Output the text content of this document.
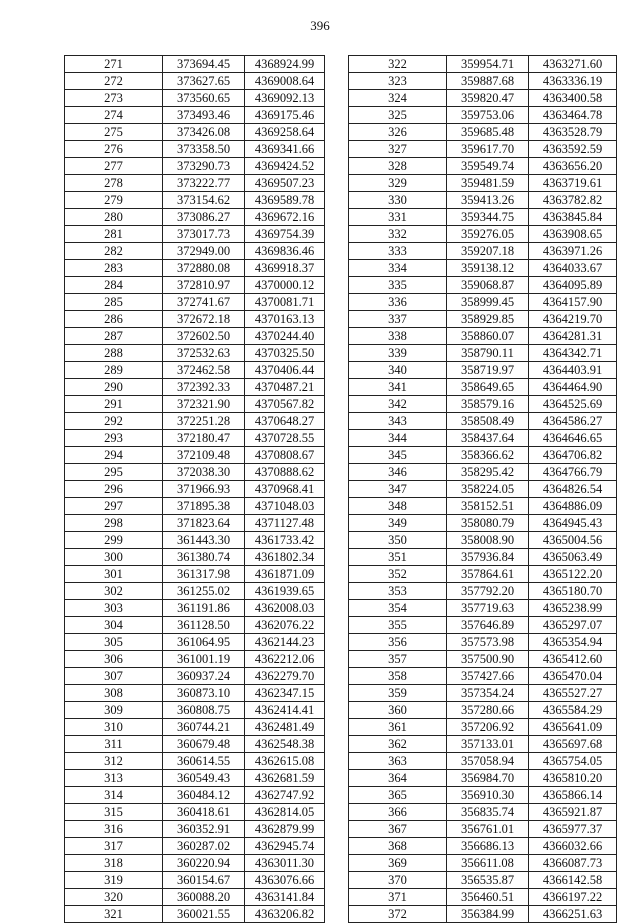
396
271	373694.45	4368924.99
272	373627.65	4369008.64
273	373560.65	4369092.13
274	373493.46	4369175.46
275	373426.08	4369258.64
276	373358.50	4369341.66
277	373290.73	4369424.52
278	373222.77	4369507.23
279	373154.62	4369589.78
280	373086.27	4369672.16
281	373017.73	4369754.39
282	372949.00	4369836.46
283	372880.08	4369918.37
284	372810.97	4370000.12
285	372741.67	4370081.71
286	372672.18	4370163.13
287	372602.50	4370244.40
288	372532.63	4370325.50
289	372462.58	4370406.44
290	372392.33	4370487.21
291	372321.90	4370567.82
292	372251.28	4370648.27
293	372180.47	4370728.55
294	372109.48	4370808.67
295	372038.30	4370888.62
296	371966.93	4370968.41
297	371895.38	4371048.03
298	371823.64	4371127.48
299	361443.30	4361733.42
300	361380.74	4361802.34
301	361317.98	4361871.09
302	361255.02	4361939.65
303	361191.86	4362008.03
304	361128.50	4362076.22
305	361064.95	4362144.23
306	361001.19	4362212.06
307	360937.24	4362279.70
308	360873.10	4362347.15
309	360808.75	4362414.41
310	360744.21	4362481.49
311	360679.48	4362548.38
312	360614.55	4362615.08
313	360549.43	4362681.59
314	360484.12	4362747.92
315	360418.61	4362814.05
316	360352.91	4362879.99
317	360287.02	4362945.74
318	360220.94	4363011.30
319	360154.67	4363076.66
320	360088.20	4363141.84
321	360021.55	4363206.82
322	359954.71	4363271.60
323	359887.68	4363336.19
324	359820.47	4363400.58
325	359753.06	4363464.78
326	359685.48	4363528.79
327	359617.70	4363592.59
328	359549.74	4363656.20
329	359481.59	4363719.61
330	359413.26	4363782.82
331	359344.75	4363845.84
332	359276.05	4363908.65
333	359207.18	4363971.26
334	359138.12	4364033.67
335	359068.87	4364095.89
336	358999.45	4364157.90
337	358929.85	4364219.70
338	358860.07	4364281.31
339	358790.11	4364342.71
340	358719.97	4364403.91
341	358649.65	4364464.90
342	358579.16	4364525.69
343	358508.49	4364586.27
344	358437.64	4364646.65
345	358366.62	4364706.82
346	358295.42	4364766.79
347	358224.05	4364826.54
348	358152.51	4364886.09
349	358080.79	4364945.43
350	358008.90	4365004.56
351	357936.84	4365063.49
352	357864.61	4365122.20
353	357792.20	4365180.70
354	357719.63	4365238.99
355	357646.89	4365297.07
356	357573.98	4365354.94
357	357500.90	4365412.60
358	357427.66	4365470.04
359	357354.24	4365527.27
360	357280.66	4365584.29
361	357206.92	4365641.09
362	357133.01	4365697.68
363	357058.94	4365754.05
364	356984.70	4365810.20
365	356910.30	4365866.14
366	356835.74	4365921.87
367	356761.01	4365977.37
368	356686.13	4366032.66
369	356611.08	4366087.73
370	356535.87	4366142.58
371	356460.51	4366197.22
372	356384.99	4366251.63
